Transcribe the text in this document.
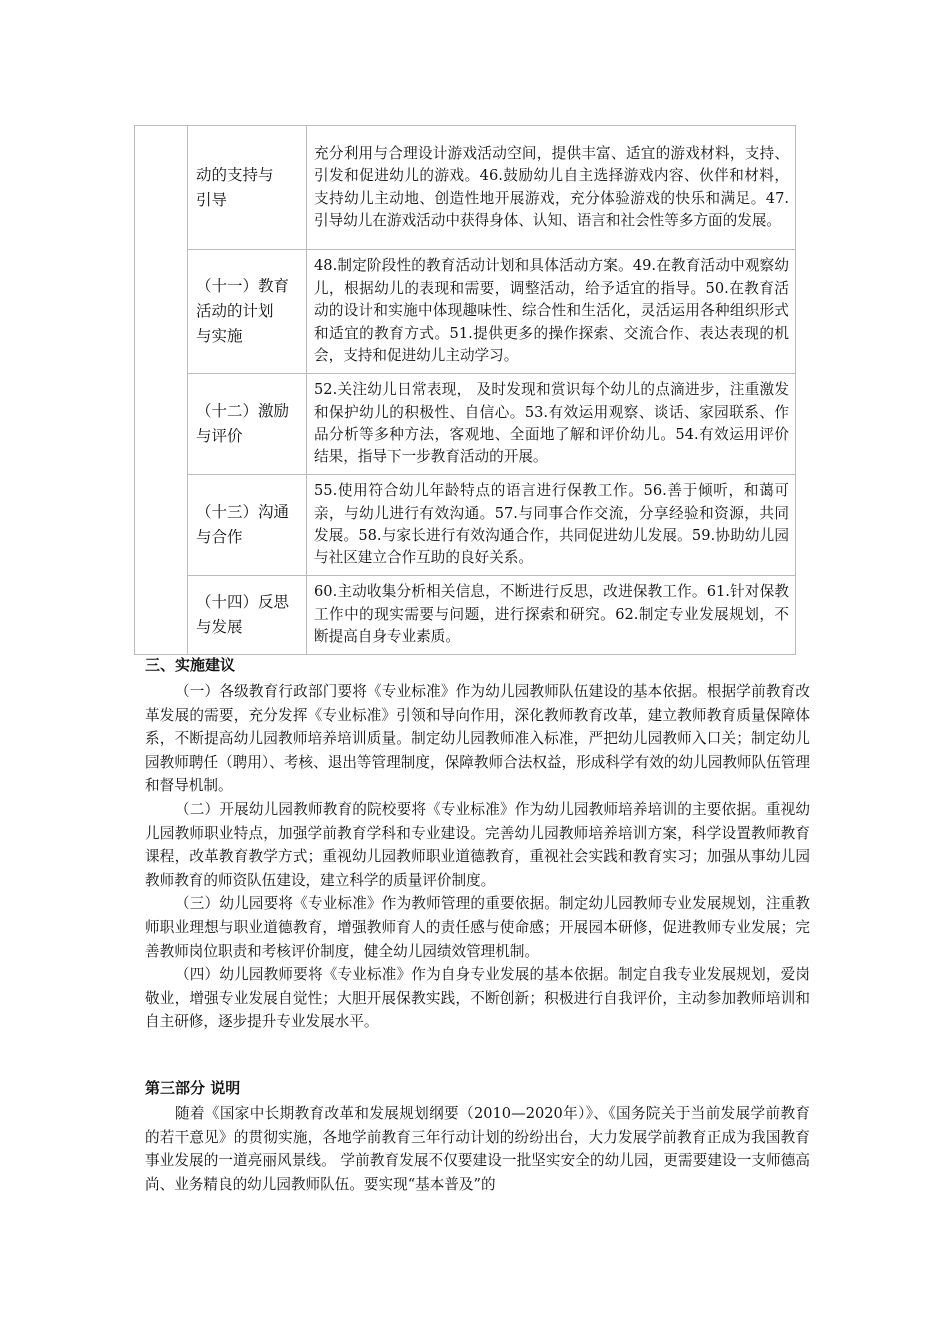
	动的支持与
引导	充分利用与合理设计游戏活动空间，提供丰富、适宜的游戏材料，支持、引发和促进幼儿的游戏。46.鼓励幼儿自主选择游戏内容、伙伴和材料，支持幼儿主动地、创造性地开展游戏，充分体验游戏的快乐和满足。47.引导幼儿在游戏活动中获得身体、认知、语言和社会性等多方面的发展。

	（十一）教育
活动的计划
与实施	48.制定阶段性的教育活动计划和具体活动方案。49.在教育活动中观察幼儿，根据幼儿的表现和需要，调整活动，给予适宜的指导。50.在教育活动的设计和实施中体现趣味性、综合性和生活化，灵活运用各种组织形式和适宜的教育方式。51.提供更多的操作探索、交流合作、表达表现的机会，支持和促进幼儿主动学习。

	（十二）激励
与评价	52.关注幼儿日常表现， 及时发现和赏识每个幼儿的点滴进步，注重激发和保护幼儿的积极性、自信心。53.有效运用观察、谈话、家园联系、作品分析等多种方法，客观地、全面地了解和评价幼儿。54.有效运用评价结果，指导下一步教育活动的开展。

	（十三）沟通
与合作	55.使用符合幼儿年龄特点的语言进行保教工作。56.善于倾听，和蔼可亲，与幼儿进行有效沟通。57.与同事合作交流，分享经验和资源，共同发展。58.与家长进行有效沟通合作，共同促进幼儿发展。59.协助幼儿园与社区建立合作互助的良好关系。

	（十四）反思
与发展	60.主动收集分析相关信息，不断进行反思，改进保教工作。61.针对保教工作中的现实需要与问题，进行探索和研究。62.制定专业发展规划，不断提高自身专业素质。
三、实施建议

（一）各级教育行政部门要将《专业标准》作为幼儿园教师队伍建设的基本依据。根据学前教育改革发展的需要，充分发挥《专业标准》引领和导向作用，深化教师教育改革，建立教师教育质量保障体系，不断提高幼儿园教师培养培训质量。制定幼儿园教师准入标准，严把幼儿园教师入口关；制定幼儿园教师聘任（聘用）、考核、退出等管理制度，保障教师合法权益，形成科学有效的幼儿园教师队伍管理和督导机制。

（二）开展幼儿园教师教育的院校要将《专业标准》作为幼儿园教师培养培训的主要依据。重视幼儿园教师职业特点，加强学前教育学科和专业建设。完善幼儿园教师培养培训方案，科学设置教师教育课程，改革教育教学方式；重视幼儿园教师职业道德教育，重视社会实践和教育实习；加强从事幼儿园教师教育的师资队伍建设，建立科学的质量评价制度。

（三）幼儿园要将《专业标准》作为教师管理的重要依据。制定幼儿园教师专业发展规划，注重教师职业理想与职业道德教育，增强教师育人的责任感与使命感；开展园本研修，促进教师专业发展；完善教师岗位职责和考核评价制度，健全幼儿园绩效管理机制。

（四）幼儿园教师要将《专业标准》作为自身专业发展的基本依据。制定自我专业发展规划，爱岗敬业，增强专业发展自觉性；大胆开展保教实践，不断创新；积极进行自我评价，主动参加教师培训和自主研修，逐步提升专业发展水平。

第三部分 说明

随着《国家中长期教育改革和发展规划纲要（2010—2020年）》、《国务院关于当前发展学前教育的若干意见》的贯彻实施，各地学前教育三年行动计划的纷纷出台，大力发展学前教育正成为我国教育事业发展的一道亮丽风景线。 学前教育发展不仅要建设一批坚实安全的幼儿园，更需要建设一支师德高尚、业务精良的幼儿园教师队伍。要实现“基本普及”的
